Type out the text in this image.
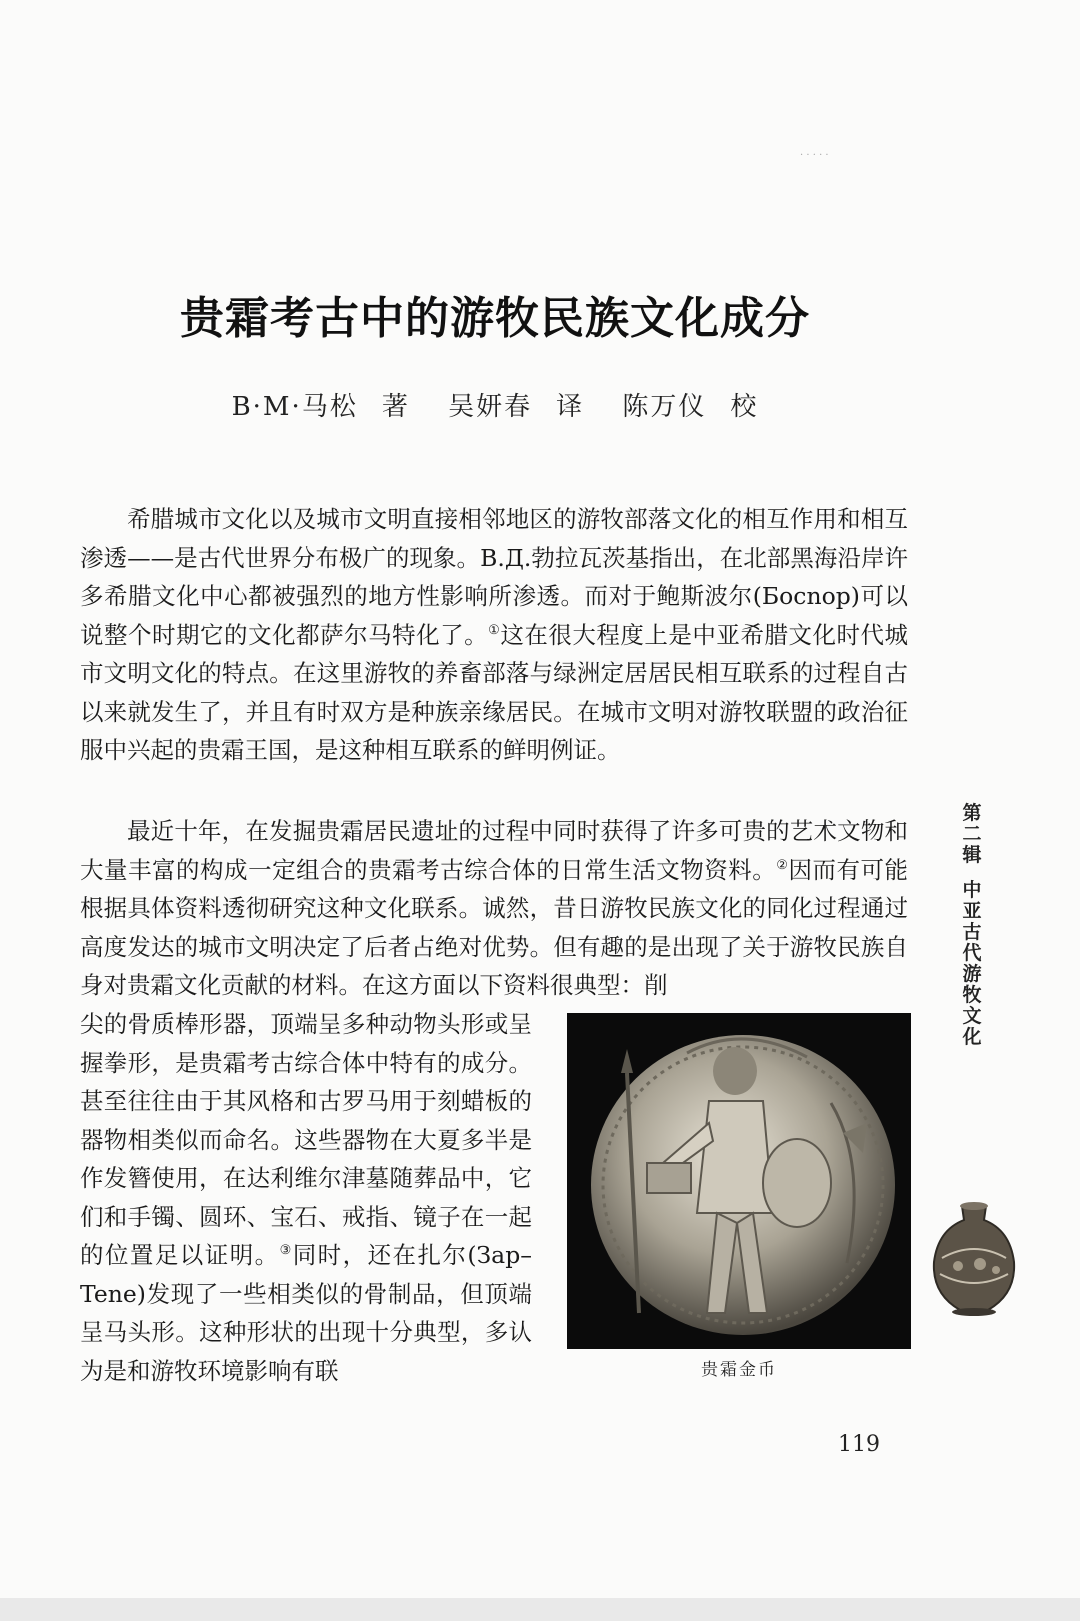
· · · · ·
贵霜考古中的游牧民族文化成分
B·M·马松 著 吴妍春 译 陈万仪 校

希腊城市文化以及城市文明直接相邻地区的游牧部落文化的相互作用和相互渗透——是古代世界分布极广的现象。B.Д.勃拉瓦茨基指出，在北部黑海沿岸许多希腊文化中心都被强烈的地方性影响所渗透。而对于鲍斯波尔(Босnop)可以说整个时期它的文化都萨尔马特化了。①这在很大程度上是中亚希腊文化时代城市文明文化的特点。在这里游牧的养畜部落与绿洲定居居民相互联系的过程自古以来就发生了，并且有时双方是种族亲缘居民。在城市文明对游牧联盟的政治征服中兴起的贵霜王国，是这种相互联系的鲜明例证。

最近十年，在发掘贵霜居民遗址的过程中同时获得了许多可贵的艺术文物和大量丰富的构成一定组合的贵霜考古综合体的日常生活文物资料。②因而有可能根据具体资料透彻研究这种文化联系。诚然，昔日游牧民族文化的同化过程通过高度发达的城市文明决定了后者占绝对优势。但有趣的是出现了关于游牧民族自身对贵霜文化贡献的材料。在这方面以下资料很典型：削

尖的骨质棒形器，顶端呈多种动物头形或呈握拳形，是贵霜考古综合体中特有的成分。甚至往往由于其风格和古罗马用于刻蜡板的器物相类似而命名。这些器物在大夏多半是作发簪使用，在达利维尔津墓随葬品中，它们和手镯、圆环、宝石、戒指、镜子在一起的位置足以证明。③同时，还在扎尔(Зap–Tene)发现了一些相类似的骨制品，但顶端呈马头形。这种形状的出现十分典型，多认为是和游牧环境影响有联	贵霜金币
第
二
辑
中
亚
古
代
游
牧
文
化
119
